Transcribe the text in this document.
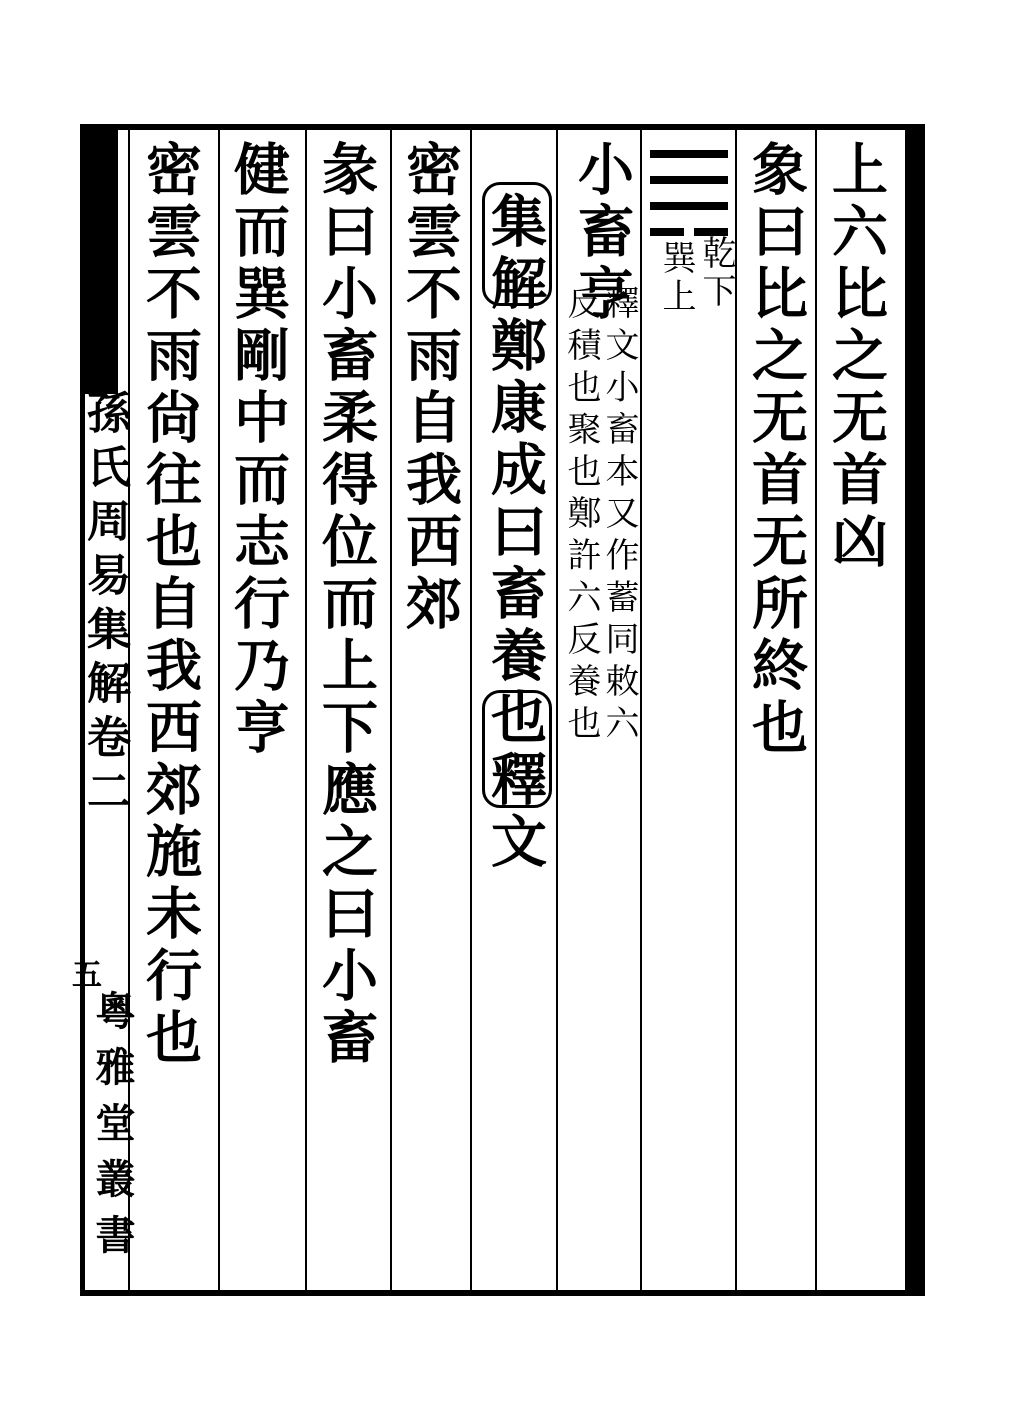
上六比之无首凶
象曰比之无首无所終也
乾下
巽上
小畜亨
釋文小畜本又作蓄同敕六
反積也聚也鄭許六反養也
集解鄭康成曰畜養也釋文
密雲不雨自我西郊
彖曰小畜柔得位而上下應之曰小畜
健而巽剛中而志行乃亨
密雲不雨尙往也自我西郊施未行也
孫氏周易集解卷二
五
粵雅堂叢書
